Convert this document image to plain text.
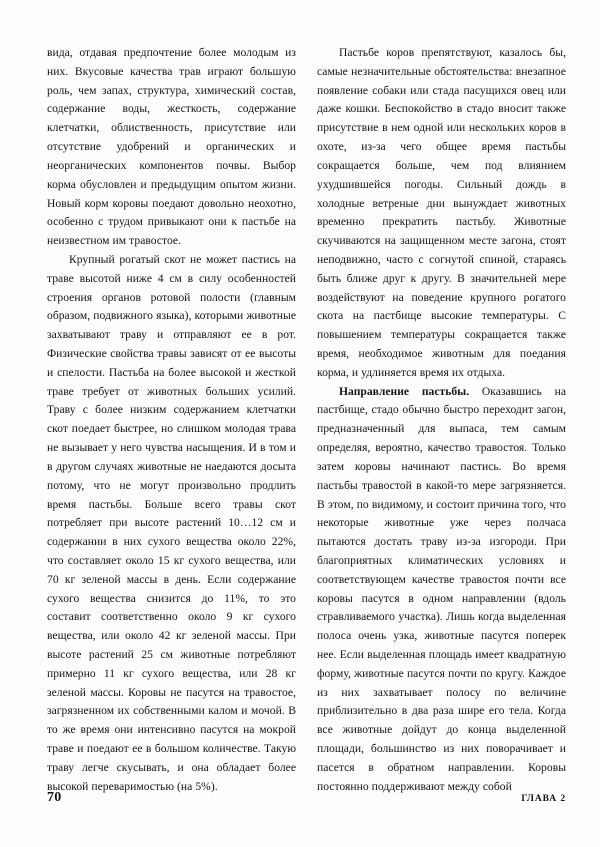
вида, отдавая предпочтение более молодым из них. Вкусовые качества трав играют большую роль, чем запах, структура, химический состав, содержание воды, жесткость, содержание клетчатки, облиственность, присутствие или отсутствие удобрений и органических и неорганических компонентов почвы. Выбор корма обусловлен и предыдущим опытом жизни. Новый корм коровы поедают довольно неохотно, особенно с трудом привыкают они к пастьбе на неизвестном им травостое.

Крупный рогатый скот не может пастись на траве высотой ниже 4 см в силу особенностей строения органов ротовой полости (главным образом, подвижного языка), которыми животные захватывают траву и отправляют ее в рот. Физические свойства травы зависят от ее высоты и спелости. Пастьба на более высокой и жесткой траве требует от животных больших усилий. Траву с более низким содержанием клетчатки скот поедает быстрее, но слишком молодая трава не вызывает у него чувства насыщения. И в том и в другом случаях животные не наедаются досыта потому, что не могут произвольно продлить время пастьбы. Больше всего травы скот потребляет при высоте растений 10…12 см и содержании в них сухого вещества около 22%, что составляет около 15 кг сухого вещества, или 70 кг зеленой массы в день. Если содержание сухого вещества снизится до 11%, то это составит соответственно около 9 кг сухого вещества, или около 42 кг зеленой массы. При высоте растений 25 см животные потребляют примерно 11 кг сухого вещества, или 28 кг зеленой массы. Коровы не пасутся на травостое, загрязненном их собственными калом и мочой. В то же время они интенсивно пасутся на мокрой траве и поедают ее в большом количестве. Такую траву легче скусывать, и она обладает более высокой переваримостью (на 5%).

Пастьбе коров препятствуют, казалось бы, самые незначительные обстоятельства: внезапное появление собаки или стада пасущихся овец или даже кошки. Беспокойство в стадо вносит также присутствие в нем одной или нескольких коров в охоте, из-за чего общее время пастьбы сокращается больше, чем под влиянием ухудшившейся погоды. Сильный дождь в холодные ветреные дни вынуждает животных временно прекратить пастьбу. Животные скучиваются на защищенном месте загона, стоят неподвижно, часто с согнутой спиной, стараясь быть ближе друг к другу. В значительней мере воздействуют на поведение крупного рогатого скота на пастбище высокие температуры. С повышением температуры сокращается также время, необходимое животным для поедания корма, и удлиняется время их отдыха.

Направление пастьбы. Оказавшись на пастбище, стадо обычно быстро переходит загон, предназначенный для выпаса, тем самым определяя, вероятно, качество травостоя. Только затем коровы начинают пастись. Во время пастьбы травостой в какой-то мере загрязняется. В этом, по видимому, и состоит причина того, что некоторые животные уже через полчаса пытаются достать траву из-за изгороди. При благоприятных климатических условиях и соответствующем качестве травостоя почти все коровы пасутся в одном направлении (вдоль стравливаемого участка). Лишь когда выделенная полоса очень узка, животные пасутся поперек нее. Если выделенная площадь имеет квадратную форму, животные пасутся почти по кругу. Каждое из них захватывает полосу по величине приблизительно в два раза шире его тела. Когда все животные дойдут до конца выделенной площади, большинство из них поворачивает и пасется в обратном направлении. Коровы постоянно поддерживают между собой

70	ГЛАВА 2
